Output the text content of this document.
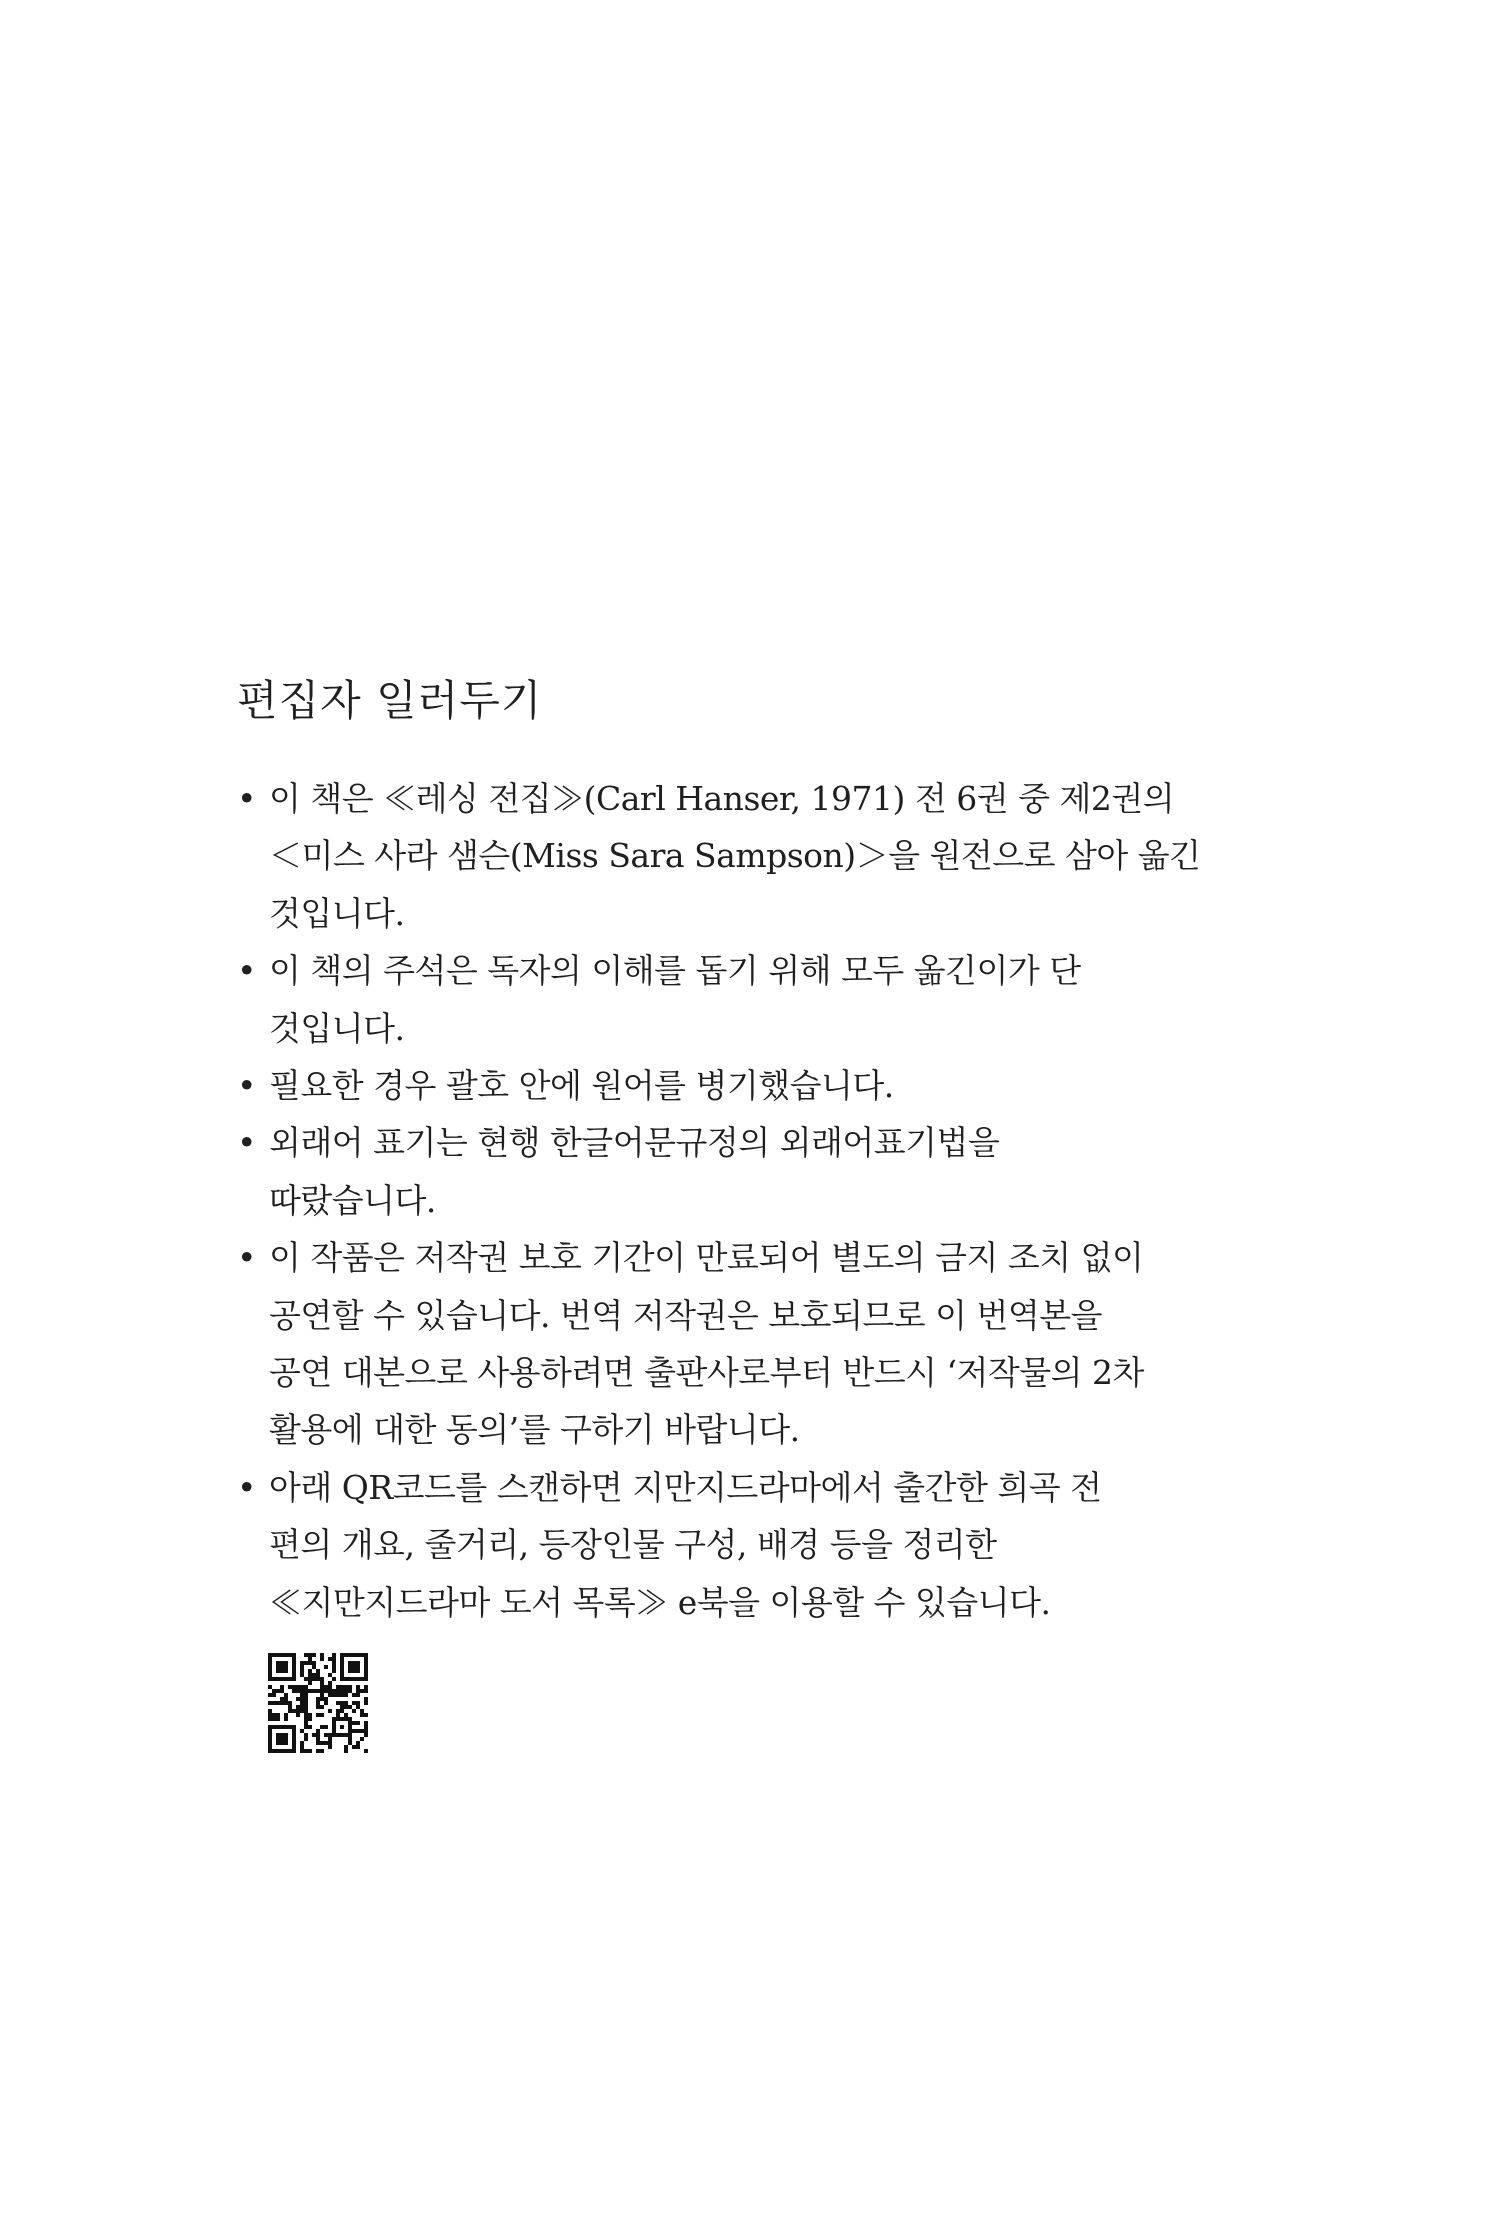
편집자 일러두기
• 이 책은 ≪레싱 전집≫(Carl Hanser, 1971) 전 6권 중 제2권의
＜미스 사라 샘슨(Miss Sara Sampson)＞을 원전으로 삼아 옮긴
것입니다.
• 이 책의 주석은 독자의 이해를 돕기 위해 모두 옮긴이가 단
것입니다.
• 필요한 경우 괄호 안에 원어를 병기했습니다.
• 외래어 표기는 현행 한글어문규정의 외래어표기법을
따랐습니다.
• 이 작품은 저작권 보호 기간이 만료되어 별도의 금지 조치 없이
공연할 수 있습니다. 번역 저작권은 보호되므로 이 번역본을
공연 대본으로 사용하려면 출판사로부터 반드시 ‘저작물의 2차
활용에 대한 동의’를 구하기 바랍니다.
• 아래 QR코드를 스캔하면 지만지드라마에서 출간한 희곡 전
편의 개요, 줄거리, 등장인물 구성, 배경 등을 정리한
≪지만지드라마 도서 목록≫ e북을 이용할 수 있습니다.
